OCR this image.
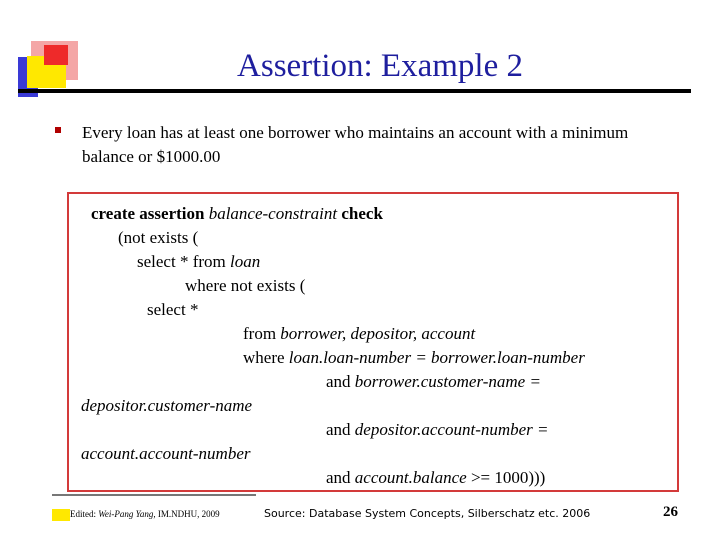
Assertion: Example 2
Every loan has at least one borrower who maintains an account with a minimum balance or $1000.00
create assertion balance-constraint check
(not exists (
select * from loan
where not exists (
select *
from borrower, depositor, account
where loan.loan-number = borrower.loan-number
and borrower.customer-name =
depositor.customer-name
and depositor.account-number =
account.account-number
and account.balance >= 1000)))
Edited: Wei-Pang Yang, IM.NDHU, 2009	Source: Database System Concepts, Silberschatz etc. 2006	26
